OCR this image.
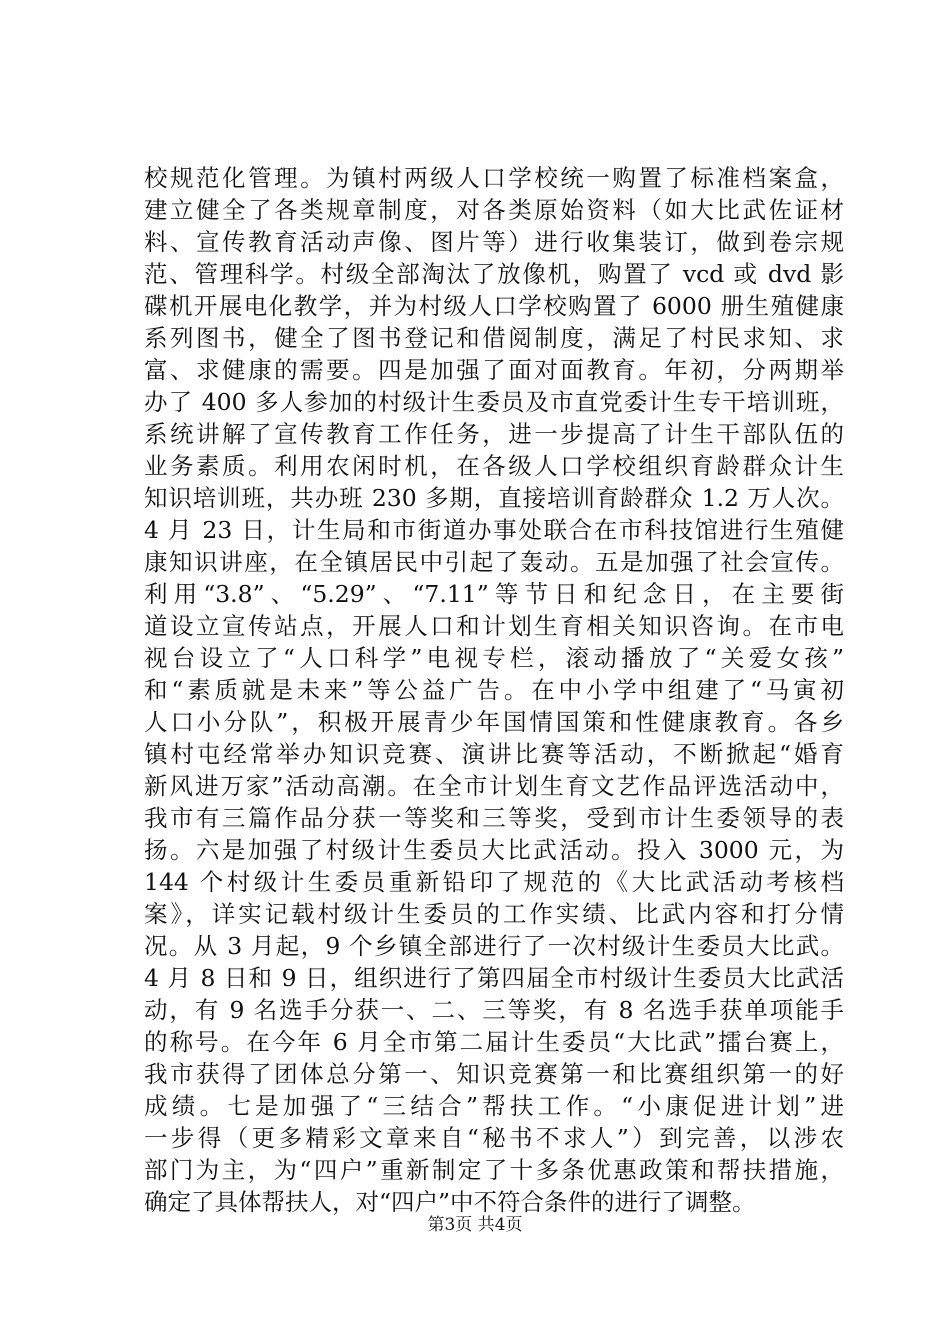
校规范化管理。为镇村两级人口学校统一购置了标准档案盒，
建立健全了各类规章制度，对各类原始资料（如大比武佐证材
料、宣传教育活动声像、图片等）进行收集装订，做到卷宗规
范、管理科学。村级全部淘汰了放像机，购置了 vcd 或 dvd 影
碟机开展电化教学，并为村级人口学校购置了 6000 册生殖健康
系列图书，健全了图书登记和借阅制度，满足了村民求知、求
富、求健康的需要。四是加强了面对面教育。年初，分两期举
办了 400 多人参加的村级计生委员及市直党委计生专干培训班，
系统讲解了宣传教育工作任务，进一步提高了计生干部队伍的
业务素质。利用农闲时机，在各级人口学校组织育龄群众计生
知识培训班，共办班 230 多期，直接培训育龄群众 1.2 万人次。
4 月 23 日，计生局和市街道办事处联合在市科技馆进行生殖健
康知识讲座，在全镇居民中引起了轰动。五是加强了社会宣传。
利用“3.8”、“5.29”、“7.11”等节日和纪念日，在主要街
道设立宣传站点，开展人口和计划生育相关知识咨询。在市电
视台设立了“人口科学”电视专栏，滚动播放了“关爱女孩”
和“素质就是未来”等公益广告。在中小学中组建了“马寅初
人口小分队”，积极开展青少年国情国策和性健康教育。各乡
镇村屯经常举办知识竞赛、演讲比赛等活动，不断掀起“婚育
新风进万家”活动高潮。在全市计划生育文艺作品评选活动中，
我市有三篇作品分获一等奖和三等奖，受到市计生委领导的表
扬。六是加强了村级计生委员大比武活动。投入 3000 元，为
144 个村级计生委员重新铅印了规范的《大比武活动考核档
案》，详实记载村级计生委员的工作实绩、比武内容和打分情
况。从 3 月起，9 个乡镇全部进行了一次村级计生委员大比武。
4 月 8 日和 9 日，组织进行了第四届全市村级计生委员大比武活
动，有 9 名选手分获一、二、三等奖，有 8 名选手获单项能手
的称号。在今年 6 月全市第二届计生委员“大比武”擂台赛上，
我市获得了团体总分第一、知识竞赛第一和比赛组织第一的好
成绩。七是加强了“三结合”帮扶工作。“小康促进计划”进
一步得（更多精彩文章来自“秘书不求人”）到完善，以涉农
部门为主，为“四户”重新制定了十多条优惠政策和帮扶措施，
确定了具体帮扶人，对“四户”中不符合条件的进行了调整。
第3页 共4页
